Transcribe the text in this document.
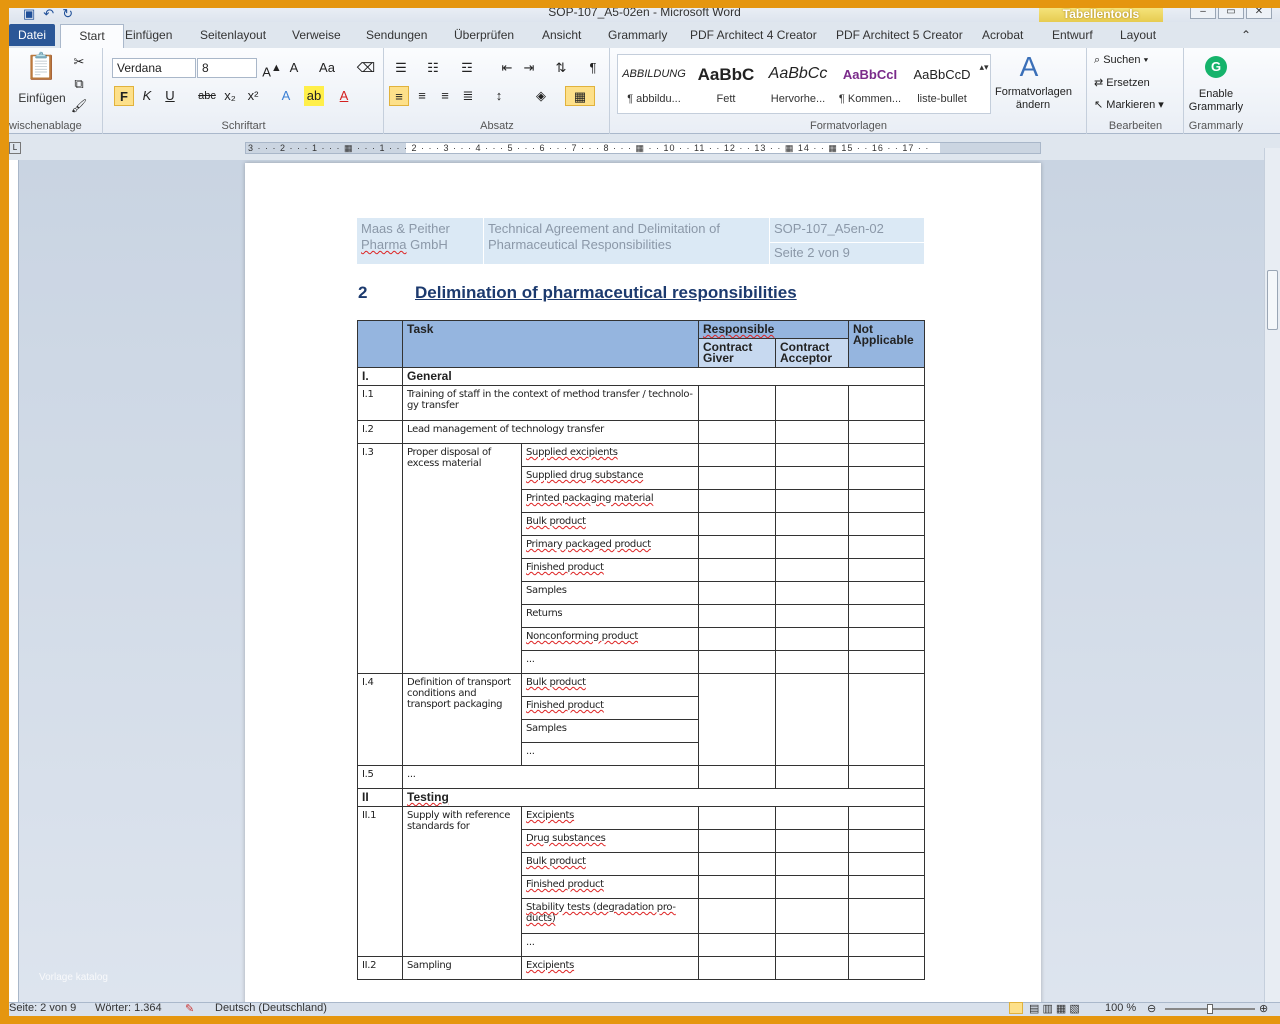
▣ ↶ ↻	SOP-107_A5-02en - Microsoft Word	Tabellentools	–	▭	✕
Datei	Start	Einfügen Seitenlayout Verweise Sendungen Überprüfen Ansicht Grammarly PDF Architect 4 Creator PDF Architect 5 Creator Acrobat Entwurf Layout	⌃
📋
Einfügen
✂
⧉
🖌
wischenablage
Verdana	8	A▲ A	Aa	⌫
F	K	U	abc x₂ x²	A	ab	A
Schriftart
☰	☷	☲	⇤ ⇥	⇅	¶
≡	≡	≡	≣	↕	◈	▦
Absatz
ABBILDUNG
¶ abbildu...
AaBbC
Fett
AaBbCc
Hervorhe...
AaBbCcI
¶ Kommen...
AaBbCcD
liste-bullet
▴▾	A
Formatvorlagen ändern
Formatvorlagen
⌕ Suchen ▾
⇄ Ersetzen
↖ Markieren ▾
Bearbeiten
G
Enable
Grammarly
Grammarly
L	3 · · · 2 · · · 1 · · · ▦ · · · 1 · · · 2 · · · 3 · · · 4 · · · 5 · · · 6 · · · 7 · · · 8 · · · ▦ · · 10 · · 11 · · 12 · · 13 · · ▦ 14 · · ▦ 15 · · 16 · · 17 · ·
Maas & Peither
Pharma GmbH
Technical Agreement and Delimitation of
Pharmaceutical Responsibilities
SOP-107_A5en-02
Seite 2 von 9
2	Delimination of pharmaceutical responsibilities
	Task		Responsible		Not
Applicable

			Contract Giver	Contract Acceptor	
I.	General				
I.1	Training of staff in the context of method transfer / technolo-gy transfer				
I.2	Lead management of technology transfer				
I.3	Proper disposal of excess material	Supplied excipients			
		Supplied drug substance			
		Printed packaging material			
		Bulk product			
		Primary packaged product			
		Finished product			
		Samples			
		Returns			
		Nonconforming product			
		...			
I.4	Definition of transport conditions and transport packaging	Bulk product			
		Finished product			
		Samples			
		...			
I.5	...				
II	Testing				
II.1	Supply with reference standards for	Excipients			
		Drug substances			
		Bulk product			
		Finished product			
		Stability tests (degradation pro-ducts)			
		...			
II.2	Sampling	Excipients			
Vorlage katalog
Seite: 2 von 9 Wörter: 1.364 ✎ Deutsch (Deutschland)	▤ ▥ ▦ ▧ 100 % ⊖	⊕
